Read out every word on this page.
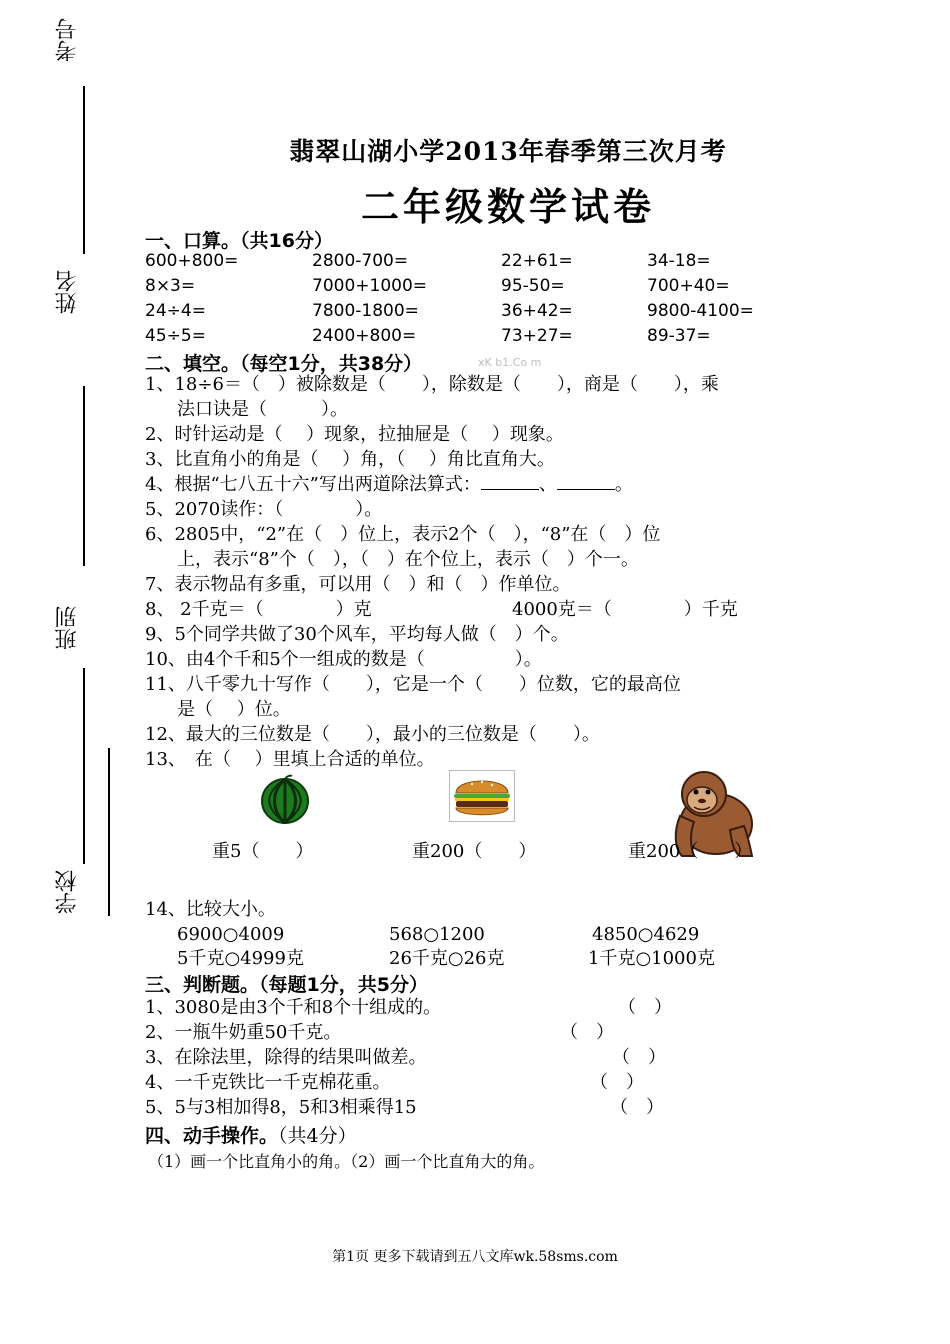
考号
姓名
班别
学校
翡翠山湖小学2013年春季第三次月考
二年级数学试卷
一、口算。（共16分）
600+800=	2800-700=	22+61=	34-18=
8×3=	7000+1000=	95-50=	700+40=
24÷4=	7800-1800=	36+42=	9800-4100=
45÷5=	2400+800=	73+27=	89-37=
二、填空。（每空1分，共38分）	xK b1.Co m
1、18÷6＝（　）被除数是（　　），除数是（　　），商是（　　），乘
法口诀是（　　　）。
2、时针运动是（　 ）现象，拉抽屉是（　 ）现象。
3、比直角小的角是（　 ）角，（　 ）角比直角大。
4、根据“七八五十六”写出两道除法算式：	、	。
5、2070读作：（　　　　）。
6、2805中，“2”在（　）位上，表示2个（　），“8”在（　）位
上，表示“8”个（　），（　）在个位上，表示（　）个一。
7、表示物品有多重，可以用（　）和（　）作单位。
8、 2千克＝（　　　　）克	4000克＝（　　　　）千克
9、5个同学共做了30个风车，平均每人做（　）个。
10、由4个千和5个一组成的数是（　　　　　）。
11、八千零九十写作（　　），它是一个（　　）位数，它的最高位
是（　 ）位。
12、最大的三位数是（　　），最小的三位数是（　　）。
13、　在（　 ）里填上合适的单位。
重5（　　）	重200（　　）	重200（　　）
14、比较大小。
6900○4009	568○1200	4850○4629
5千克○4999克	26千克○26克	1千克○1000克
三、判断题。（每题1分，共5分）
1、3080是由3个千和8个十组成的。	（　）
2、一瓶牛奶重50千克。	（　）
3、在除法里，除得的结果叫做差。	（　）
4、一千克铁比一千克棉花重。	（　）
5、5与3相加得8，5和3相乘得15	（　）
四、动手操作。（共4分）
（1）画一个比直角小的角。（2）画一个比直角大的角。
第1页 更多下载请到五八文库wk.58sms.com
